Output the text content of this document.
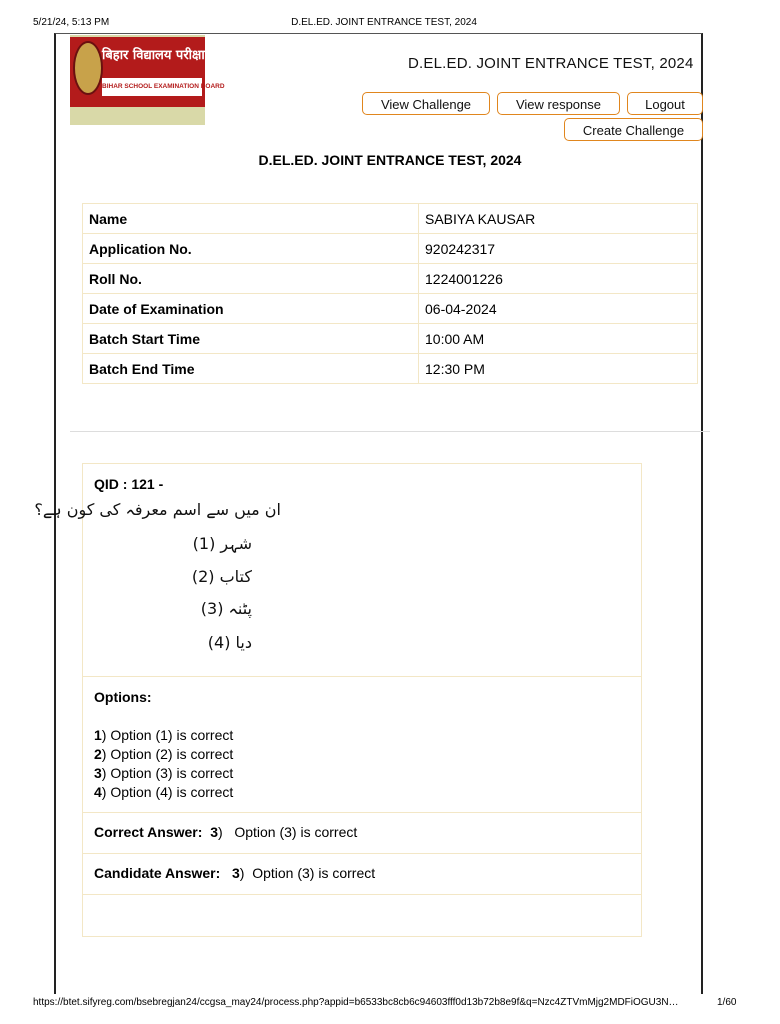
5/21/24, 5:13 PM	D.EL.ED. JOINT ENTRANCE TEST, 2024
बिहार विद्यालय परीक्षा समिति
BIHAR SCHOOL EXAMINATION BOARD
D.EL.ED. JOINT ENTRANCE TEST, 2024
View Challenge	View response	Logout
Create Challenge
D.EL.ED. JOINT ENTRANCE TEST, 2024
Name	SABIYA KAUSAR
Application No.	920242317
Roll No.	1224001226
Date of Examination	06-04-2024
Batch Start Time	10:00 AM
Batch End Time	12:30 PM
QID : 121 -
ان میں سے اسم معرفہ کی کون ہے؟
شہر (1)
کتاب (2)
پٹنہ (3)
دیا (4)
Options:
1) Option (1) is correct
2) Option (2) is correct
3) Option (3) is correct
4) Option (4) is correct
Correct Answer: 3)   Option (3) is correct
Candidate Answer: 3)  Option (3) is correct
https://btet.sifyreg.com/bsebregjan24/ccgsa_may24/process.php?appid=b6533bc8cb6c94603fff0d13b72b8e9f&q=Nzc4ZTVmMjg2MDFiOGU3N…	1/60
